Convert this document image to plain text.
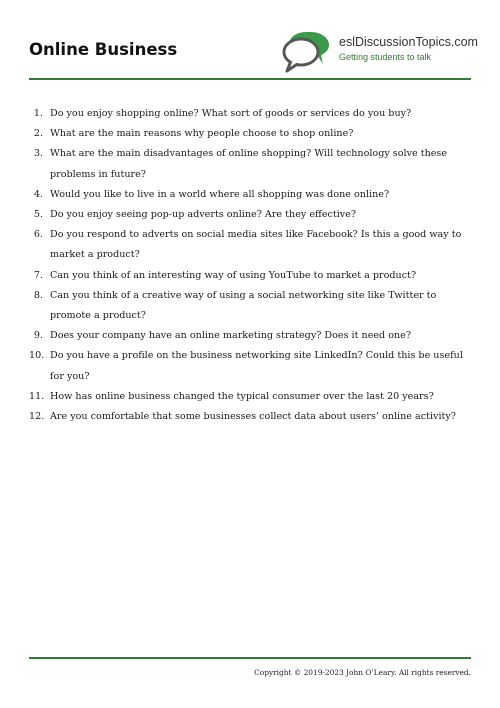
Online Business	eslDiscussionTopics.com
Getting students to talk
1. Do you enjoy shopping online? What sort of goods or services do you buy?
2. What are the main reasons why people choose to shop online?
3. What are the main disadvantages of online shopping? Will technology solve these problems in future?
4. Would you like to live in a world where all shopping was done online?
5. Do you enjoy seeing pop-up adverts online? Are they effective?
6. Do you respond to adverts on social media sites like Facebook? Is this a good way to market a product?
7. Can you think of an interesting way of using YouTube to market a product?
8. Can you think of a creative way of using a social networking site like Twitter to promote a product?
9. Does your company have an online marketing strategy? Does it need one?
10. Do you have a profile on the business networking site LinkedIn? Could this be useful for you?
11. How has online business changed the typical consumer over the last 20 years?
12. Are you comfortable that some businesses collect data about users’ online activity?
Copyright © 2019-2023 John O’Leary. All rights reserved.
